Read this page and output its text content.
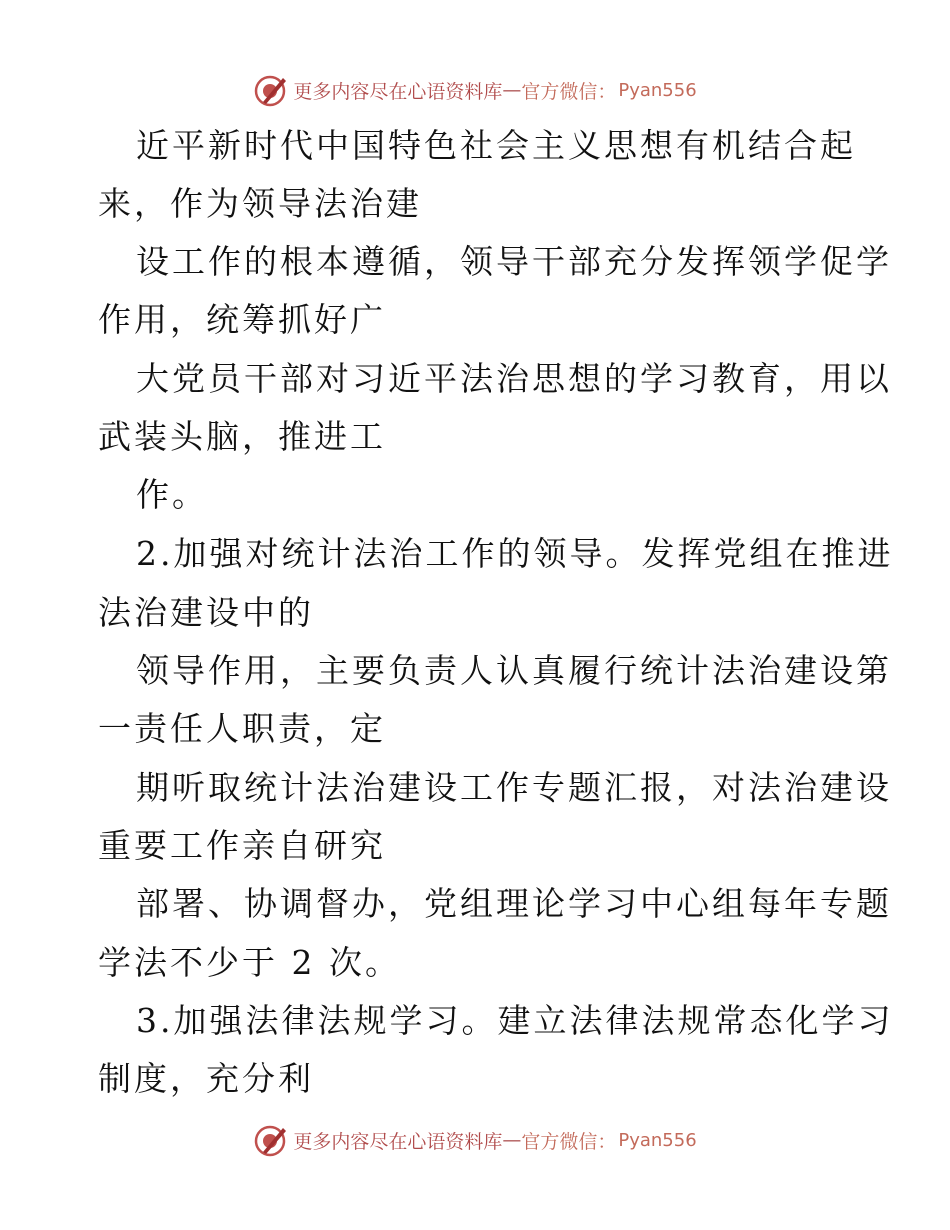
更多内容尽在心语资料库 — 官方微信： Pyan556
近平新时代中国特色社会主义思想有机结合起
来，作为领导法治建
设工作的根本遵循，领导干部充分发挥领学促学
作用，统筹抓好广
大党员干部对习近平法治思想的学习教育，用以
武装头脑，推进工
作。
2.加强对统计法治工作的领导。发挥党组在推进
法治建设中的
领导作用，主要负责人认真履行统计法治建设第
一责任人职责，定
期听取统计法治建设工作专题汇报，对法治建设
重要工作亲自研究
部署、协调督办，党组理论学习中心组每年专题
学法不少于 2 次。
3.加强法律法规学习。建立法律法规常态化学习
制度，充分利
更多内容尽在心语资料库 — 官方微信： Pyan556
